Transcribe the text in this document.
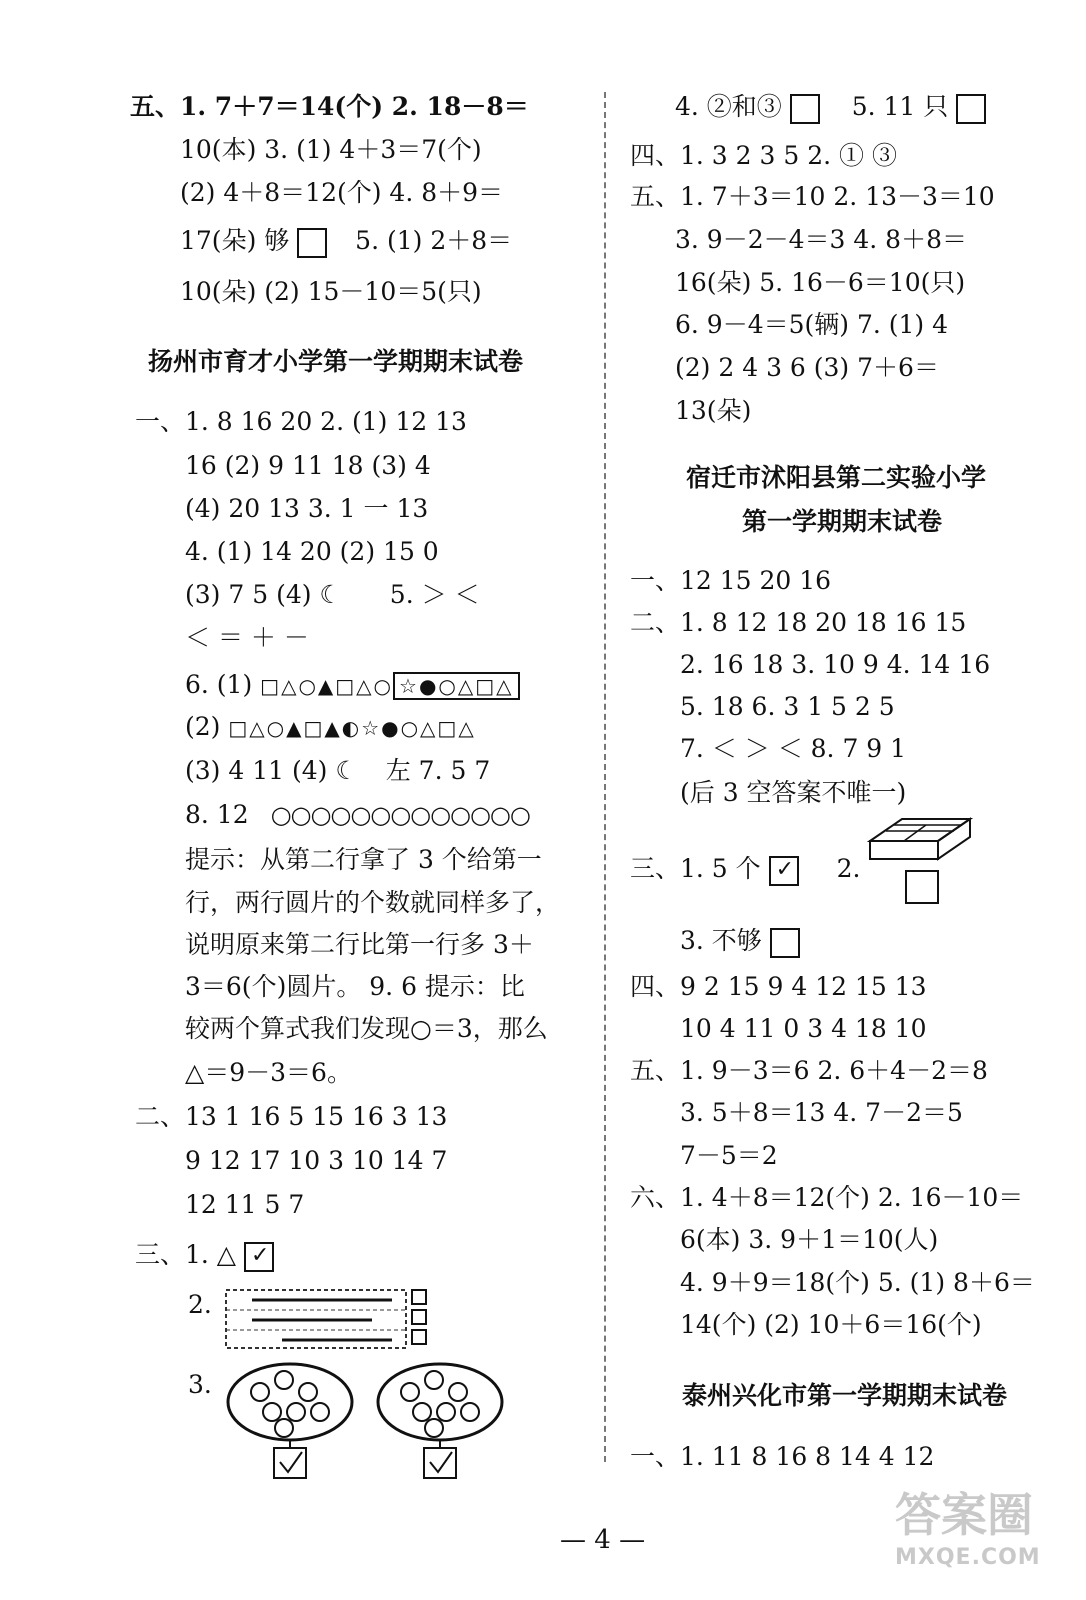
五、1. 7＋7＝14(个) 2. 18－8＝
10(本) 3. (1) 4＋3＝7(个)
(2) 4＋8＝12(个) 4. 8＋9＝
17(朵) 够	5. (1) 2＋8＝
10(朵) (2) 15－10＝5(只)
扬州市育才小学第一学期期末试卷
一、1. 8 16 20 2. (1) 12 13
16 (2) 9 11 18 (3) 4
(4) 20 13 3. 1 一 13
4. (1) 14 20 (2) 15 0
(3) 7 5 (4) ☾ 5. ＞ ＜
＜ ＝ ＋ －
6. (1) □△○▲□△○ ☆●○△□△
(2) □△○▲□▲◐☆●○△□△
(3) 4 11 (4) ☾ 左 7. 5 7
8. 12 ○○○○○○○○○○○○○
提示：从第二行拿了 3 个给第一
行，两行圆片的个数就同样多了，
说明原来第二行比第一行多 3＋
3＝6(个)圆片。 9. 6 提示：比
较两个算式我们发现○＝3，那么
△＝9－3＝6。
二、13 1 16 5 15 16 3 13
9 12 17 10 3 10 14 7
12 11 5 7
三、1. △ ✓
2.
3.
4. ②和③	5. 11 只
四、1. 3 2 3 5 2. ① ③
五、1. 7＋3＝10 2. 13－3＝10
3. 9－2－4＝3 4. 8＋8＝
16(朵) 5. 16－6＝10(只)
6. 9－4＝5(辆) 7. (1) 4
(2) 2 4 3 6 (3) 7＋6＝
13(朵)
宿迁市沭阳县第二实验小学
第一学期期末试卷
一、12 15 20 16
二、1. 8 12 18 20 18 16 15
2. 16 18 3. 10 9 4. 14 16
5. 18 6. 3 1 5 2 5
7. ＜ ＞ ＜ 8. 7 9 1
(后 3 空答案不唯一)
三、1. 5 个 ✓	2.
3. 不够
四、9 2 15 9 4 12 15 13
10 4 11 0 3 4 18 10
五、1. 9－3＝6 2. 6＋4－2＝8
3. 5＋8＝13 4. 7－2＝5
7－5＝2
六、1. 4＋8＝12(个) 2. 16－10＝
6(本) 3. 9＋1＝10(人)
4. 9＋9＝18(个) 5. (1) 8＋6＝
14(个) (2) 10＋6＝16(个)
泰州兴化市第一学期期末试卷
一、1. 11 8 16 8 14 4 12
— 4 —	答案圈
MXQE.COM
